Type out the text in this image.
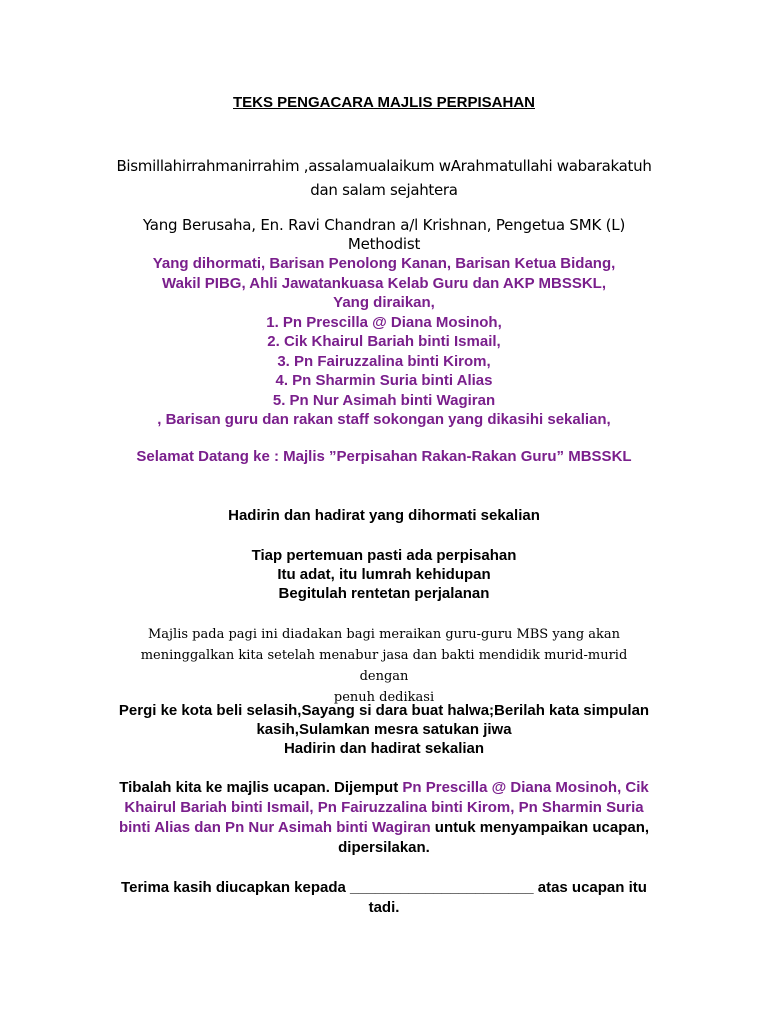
TEKS PENGACARA MAJLIS PERPISAHAN
Bismillahirrahmanirrahim ,assalamualaikum wArahmatullahi wabarakatuh
dan salam sejahtera
Yang Berusaha, En. Ravi Chandran a/l Krishnan, Pengetua SMK (L)
Methodist
Yang dihormati, Barisan Penolong Kanan, Barisan Ketua Bidang,
Wakil PIBG, Ahli Jawatankuasa Kelab Guru dan AKP MBSSKL,
Yang diraikan,
1. Pn Prescilla @ Diana Mosinoh,
2. Cik Khairul Bariah binti Ismail,
3. Pn Fairuzzalina binti Kirom,
4. Pn Sharmin Suria binti Alias
5. Pn Nur Asimah binti Wagiran
, Barisan guru dan rakan staff sokongan yang dikasihi sekalian,
Selamat Datang ke : Majlis ”Perpisahan Rakan-Rakan Guru” MBSSKL
Hadirin dan hadirat yang dihormati sekalian
Tiap pertemuan pasti ada perpisahan
Itu adat, itu lumrah kehidupan
Begitulah rentetan perjalanan
Majlis pada pagi ini diadakan bagi meraikan guru-guru MBS yang akan
meninggalkan kita setelah menabur jasa dan bakti mendidik murid-murid dengan
penuh dedikasi
Pergi ke kota beli selasih,Sayang si dara buat halwa;Berilah kata simpulan
kasih,Sulamkan mesra satukan jiwa
Hadirin dan hadirat sekalian
Tibalah kita ke majlis ucapan. Dijemput Pn Prescilla @ Diana Mosinoh, Cik
Khairul Bariah binti Ismail, Pn Fairuzzalina binti Kirom, Pn Sharmin Suria
binti Alias dan Pn Nur Asimah binti Wagiran untuk menyampaikan ucapan,
dipersilakan.
Terima kasih diucapkan kepada ______________________ atas ucapan itu
tadi.
